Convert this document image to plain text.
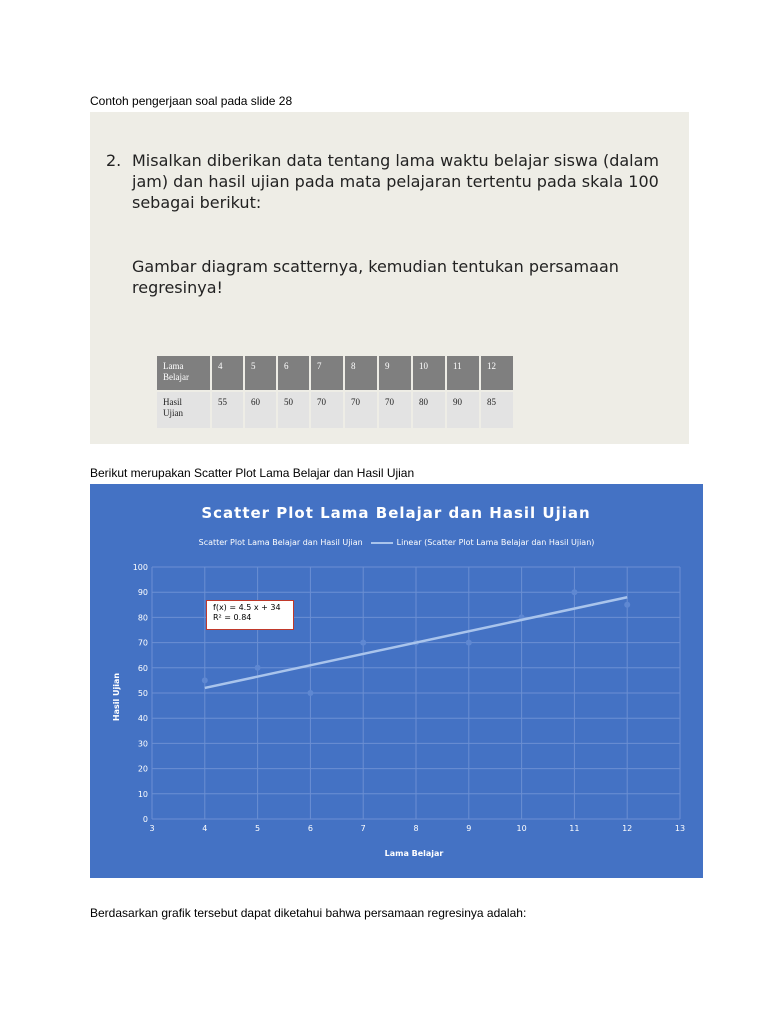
Contoh pengerjaan soal pada slide 28
2. Misalkan diberikan data tentang lama waktu belajar siswa (dalam jam) dan hasil ujian pada mata pelajaran tertentu pada skala 100 sebagai berikut:
Gambar diagram scatternya, kemudian tentukan persamaan regresinya!
Lama Belajar	4	5	6	7	8	9	10	11	12
Hasil Ujian	55	60	50	70	70	70	80	90	85
Berikut merupakan Scatter Plot Lama Belajar dan Hasil Ujian
Scatter Plot Lama Belajar dan Hasil Ujian
0
10
20
30
40
50
60
70
80
90
100
3	4	5	6	7	8	9	10	11	12	13
Lama Belajar
Hasil Ujian
Scatter Plot Lama Belajar dan Hasil Ujian	Linear (Scatter Plot Lama Belajar dan Hasil Ujian)
f(x) = 4.5 x + 34
R² = 0.84
Berdasarkan grafik tersebut dapat diketahui bahwa persamaan regresinya adalah:
